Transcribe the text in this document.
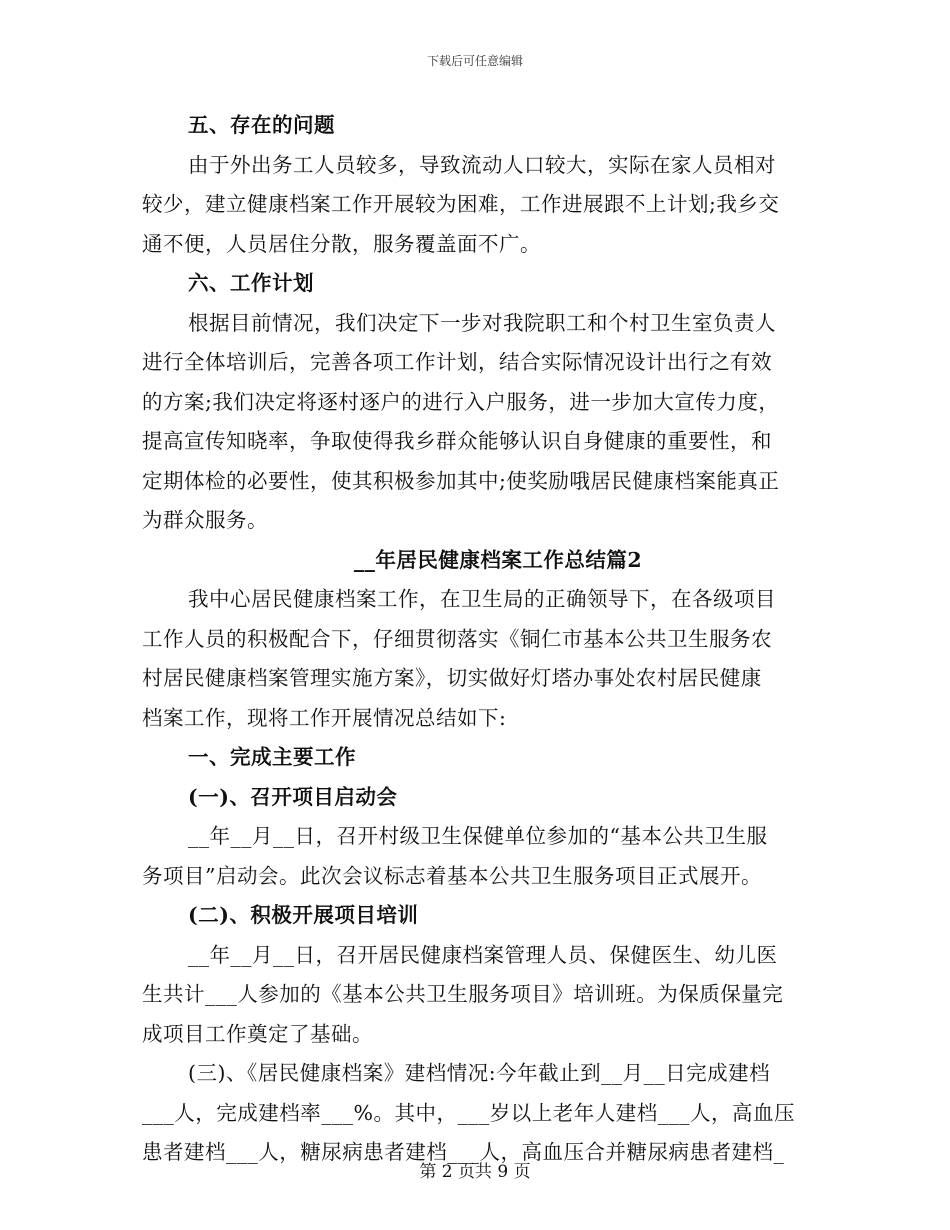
下载后可任意编辑
五、存在的问题
由于外出务工人员较多，导致流动人口较大，实际在家人员相对
较少，建立健康档案工作开展较为困难，工作进展跟不上计划;我乡交
通不便，人员居住分散，服务覆盖面不广。
六、工作计划
根据目前情况，我们决定下一步对我院职工和个村卫生室负责人
进行全体培训后，完善各项工作计划，结合实际情况设计出行之有效
的方案;我们决定将逐村逐户的进行入户服务，进一步加大宣传力度，
提高宣传知晓率，争取使得我乡群众能够认识自身健康的重要性，和
定期体检的必要性，使其积极参加其中;使奖励哦居民健康档案能真正
为群众服务。
__年居民健康档案工作总结篇2
我中心居民健康档案工作，在卫生局的正确领导下，在各级项目
工作人员的积极配合下，仔细贯彻落实《铜仁市基本公共卫生服务农
村居民健康档案管理实施方案》，切实做好灯塔办事处农村居民健康
档案工作，现将工作开展情况总结如下:
一、完成主要工作
(一)、召开项目启动会
__年__月__日，召开村级卫生保健单位参加的“基本公共卫生服
务项目”启动会。此次会议标志着基本公共卫生服务项目正式展开。
(二)、积极开展项目培训
__年__月__日，召开居民健康档案管理人员、保健医生、幼儿医
生共计___人参加的《基本公共卫生服务项目》培训班。为保质保量完
成项目工作奠定了基础。
(三)、《居民健康档案》建档情况:今年截止到__月__日完成建档
___人，完成建档率___%。其中，___岁以上老年人建档___人，高血压
患者建档___人，糖尿病患者建档___人，高血压合并糖尿病患者建档_
第 2 页共 9 页
